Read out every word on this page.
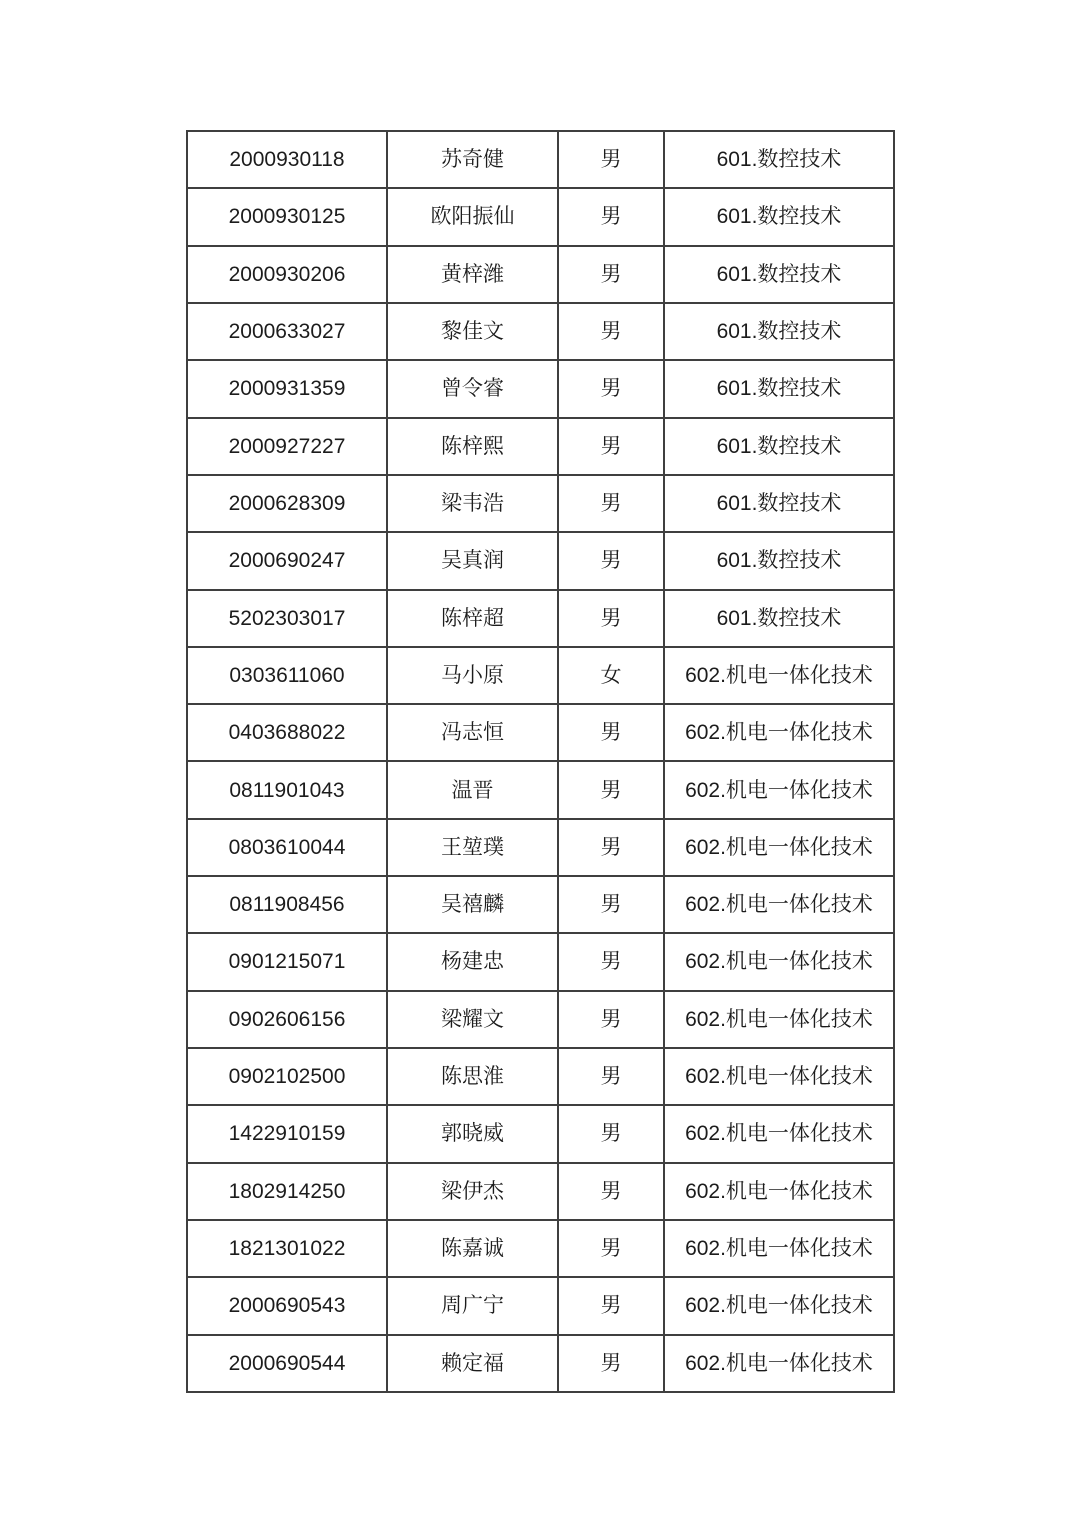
2000930118	苏奇健	男	601.数控技术
2000930125	欧阳振仙	男	601.数控技术
2000930206	黄梓潍	男	601.数控技术
2000633027	黎佳文	男	601.数控技术
2000931359	曾令睿	男	601.数控技术
2000927227	陈梓熙	男	601.数控技术
2000628309	梁韦浩	男	601.数控技术
2000690247	吴真润	男	601.数控技术
5202303017	陈梓超	男	601.数控技术
0303611060	马小原	女	602.机电一体化技术
0403688022	冯志恒	男	602.机电一体化技术
0811901043	温晋	男	602.机电一体化技术
0803610044	王堃璞	男	602.机电一体化技术
0811908456	吴禧麟	男	602.机电一体化技术
0901215071	杨建忠	男	602.机电一体化技术
0902606156	梁耀文	男	602.机电一体化技术
0902102500	陈思淮	男	602.机电一体化技术
1422910159	郭晓威	男	602.机电一体化技术
1802914250	梁伊杰	男	602.机电一体化技术
1821301022	陈嘉诚	男	602.机电一体化技术
2000690543	周广宁	男	602.机电一体化技术
2000690544	赖定福	男	602.机电一体化技术
